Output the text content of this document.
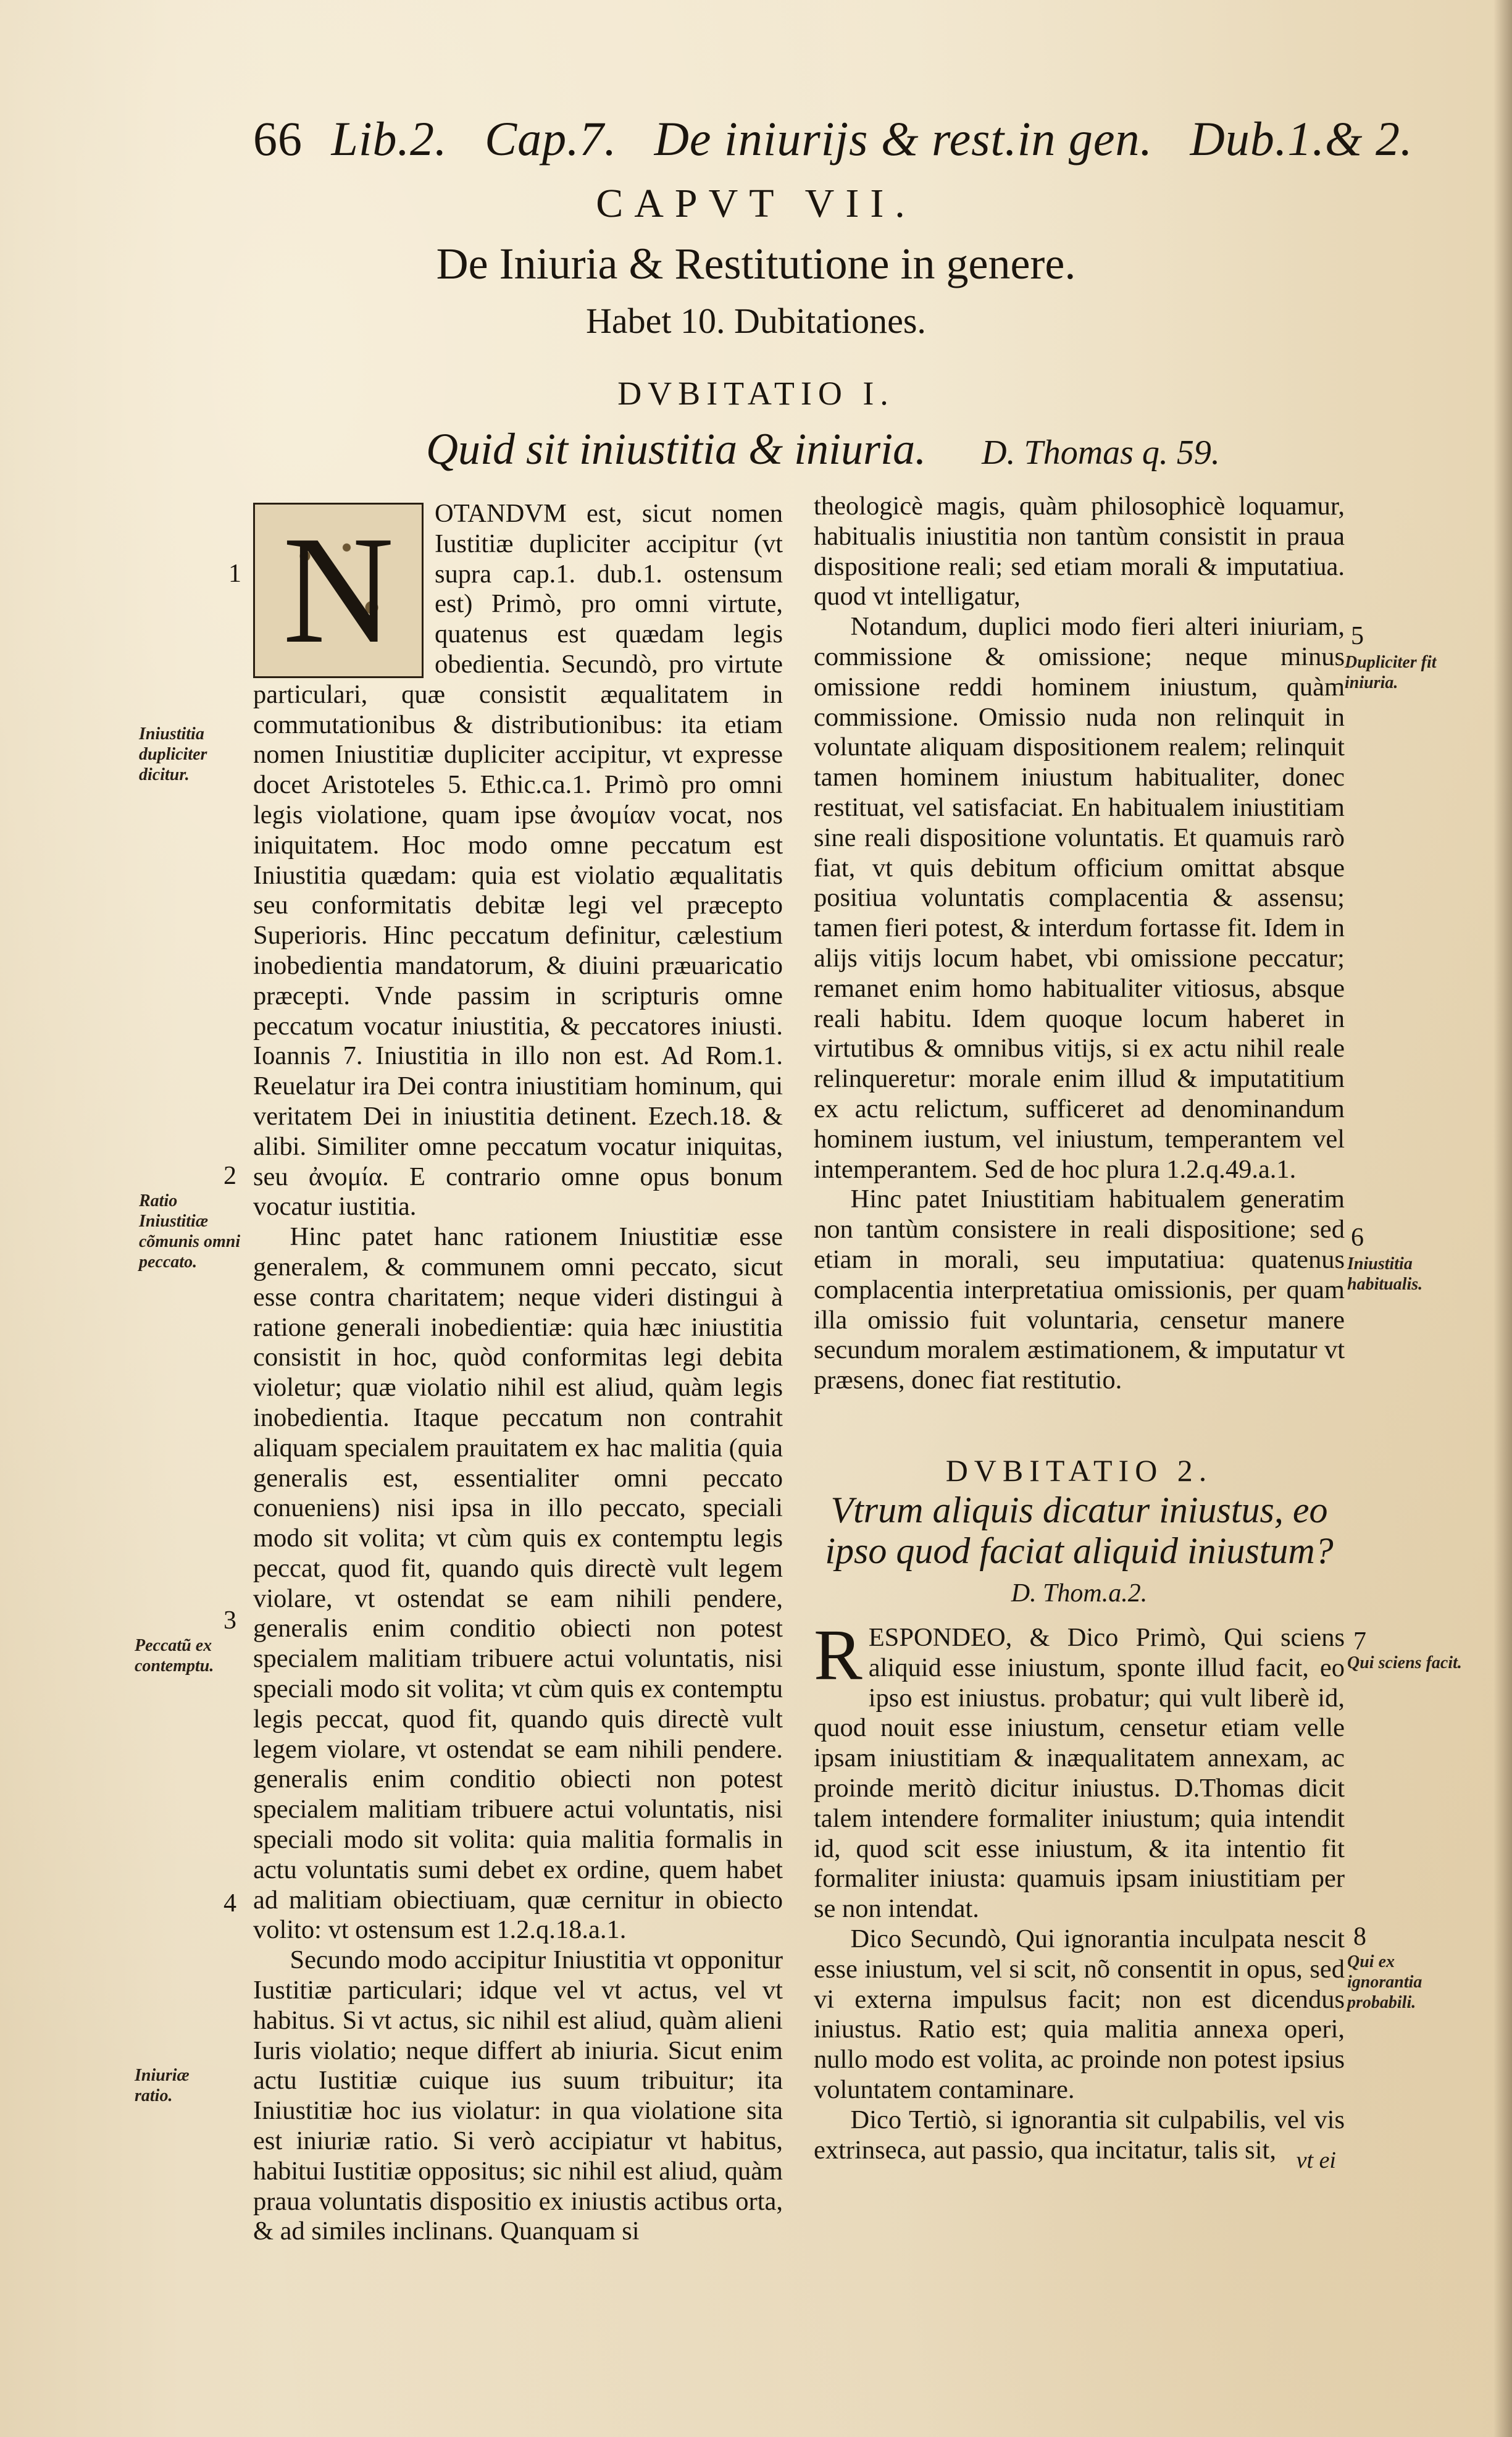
66 Lib.2. Cap.7. De iniurijs & rest.in gen. Dub.1.& 2.
CAPVT VII.
De Iniuria & Restitutione in genere.
Habet 10. Dubitationes.
DVBITATIO I.
Quid sit iniustitia & iniuria. D. Thomas q. 59.

N	OTANDVM est, sicut nomen Iustitiæ dupliciter accipitur (vt supra cap.1. dub.1. ostensum est) Primò, pro omni virtute, quatenus est quædam legis obedientia. Secundò, pro virtute particulari, quæ consistit æqualitatem in commutationibus & distributionibus: ita etiam nomen Iniustitiæ dupliciter accipitur, vt expresse docet Aristoteles 5. Ethic.ca.1. Primò pro omni legis violatione, quam ipse ἀνομίαν vocat, nos iniquitatem. Hoc modo omne peccatum est Iniustitia quædam: quia est violatio æqualitatis seu conformitatis debitæ legi vel præcepto Superioris. Hinc peccatum definitur, cælestium inobedientia mandatorum, & diuini præuaricatio præcepti. Vnde passim in scripturis omne peccatum vocatur iniustitia, & peccatores iniusti. Ioannis 7. Iniustitia in illo non est. Ad Rom.1. Reuelatur ira Dei contra iniustitiam hominum, qui veritatem Dei in iniustitia detinent. Ezech.18. & alibi. Similiter omne peccatum vocatur iniquitas, seu ἀνομία. E contrario omne opus bonum vocatur iustitia.

Hinc patet hanc rationem Iniustitiæ esse generalem, & communem omni peccato, sicut esse contra charitatem; neque videri distingui à ratione generali inobedientiæ: quia hæc iniustitia consistit in hoc, quòd conformitas legi debita violetur; quæ violatio nihil est aliud, quàm legis inobedientia. Itaque peccatum non contrahit aliquam specialem prauitatem ex hac malitia (quia generalis est, essentialiter omni peccato conueniens) nisi ipsa in illo peccato, speciali modo sit volita; vt cùm quis ex contemptu legis peccat, quod fit, quando quis directè vult legem violare, vt ostendat se eam nihili pendere, generalis enim conditio obiecti non potest specialem malitiam tribuere actui voluntatis, nisi speciali modo sit volita; vt cùm quis ex contemptu legis peccat, quod fit, quando quis directè vult legem violare, vt ostendat se eam nihili pendere. generalis enim conditio obiecti non potest specialem malitiam tribuere actui voluntatis, nisi speciali modo sit volita: quia malitia formalis in actu voluntatis sumi debet ex ordine, quem habet ad malitiam obiectiuam, quæ cernitur in obiecto volito: vt ostensum est 1.2.q.18.a.1.

Secundo modo accipitur Iniustitia vt opponitur Iustitiæ particulari; idque vel vt actus, vel vt habitus. Si vt actus, sic nihil est aliud, quàm alieni Iuris violatio; neque differt ab iniuria. Sicut enim actu Iustitiæ cuique ius suum tribuitur; ita Iniustitiæ hoc ius violatur: in qua violatione sita est iniuriæ ratio. Si verò accipiatur vt habitus, habitui Iustitiæ oppositus; sic nihil est aliud, quàm praua voluntatis dispositio ex iniustis actibus orta, & ad similes inclinans. Quanquam si

theologicè magis, quàm philosophicè loquamur, habitualis iniustitia non tantùm consistit in praua dispositione reali; sed etiam morali & imputatiua. quod vt intelligatur,

Notandum, duplici modo fieri alteri iniuriam, commissione & omissione; neque minus omissione reddi hominem iniustum, quàm commissione. Omissio nuda non relinquit in voluntate aliquam dispositionem realem; relinquit tamen hominem iniustum habitualiter, donec restituat, vel satisfaciat. En habitualem iniustitiam sine reali dispositione voluntatis. Et quamuis rarò fiat, vt quis debitum officium omittat absque positiua voluntatis complacentia & assensu; tamen fieri potest, & interdum fortasse fit. Idem in alijs vitijs locum habet, vbi omissione peccatur; remanet enim homo habitualiter vitiosus, absque reali habitu. Idem quoque locum haberet in virtutibus & omnibus vitijs, si ex actu nihil reale relinqueretur: morale enim illud & imputatitium ex actu relictum, sufficeret ad denominandum hominem iustum, vel iniustum, temperantem vel intemperantem. Sed de hoc plura 1.2.q.49.a.1.

Hinc patet Iniustitiam habitualem generatim non tantùm consistere in reali dispositione; sed etiam in morali, seu imputatiua: quatenus complacentia interpretatiua omissionis, per quam illa omissio fuit voluntaria, censetur manere secundum moralem æstimationem, & imputatur vt præsens, donec fiat restitutio.

DVBITATIO 2.
Vtrum aliquis dicatur iniustus, eo ipso quod faciat aliquid iniustum?
D. Thom.a.2.

RESPONDEO, & Dico Primò, Qui sciens aliquid esse iniustum, sponte illud facit, eo ipso est iniustus. probatur; qui vult liberè id, quod nouit esse iniustum, censetur etiam velle ipsam iniustitiam & inæqualitatem annexam, ac proinde meritò dicitur iniustus. D.Thomas dicit talem intendere formaliter iniustum; quia intendit id, quod scit esse iniustum, & ita intentio fit formaliter iniusta: quamuis ipsam iniustitiam per se non intendat.

Dico Secundò, Qui ignorantia inculpata nescit esse iniustum, vel si scit, nõ consentit in opus, sed vi externa impulsus facit; non est dicendus iniustus. Ratio est; quia malitia annexa operi, nullo modo est volita, ac proinde non potest ipsius voluntatem contaminare.

Dico Tertiò, si ignorantia sit culpabilis, vel vis extrinseca, aut passio, qua incitatur, talis sit, vt ei
1
Iniustitia dupliciter dicitur.
2
Ratio Iniustitiæ cõmunis omni peccato.
3
Peccatũ ex contemptu.
4
Iniuriæ ratio.
5
Dupliciter fit iniuria.
6
Iniustitia habitualis.
7
Qui sciens facit.
8
Qui ex ignorantia probabili.
